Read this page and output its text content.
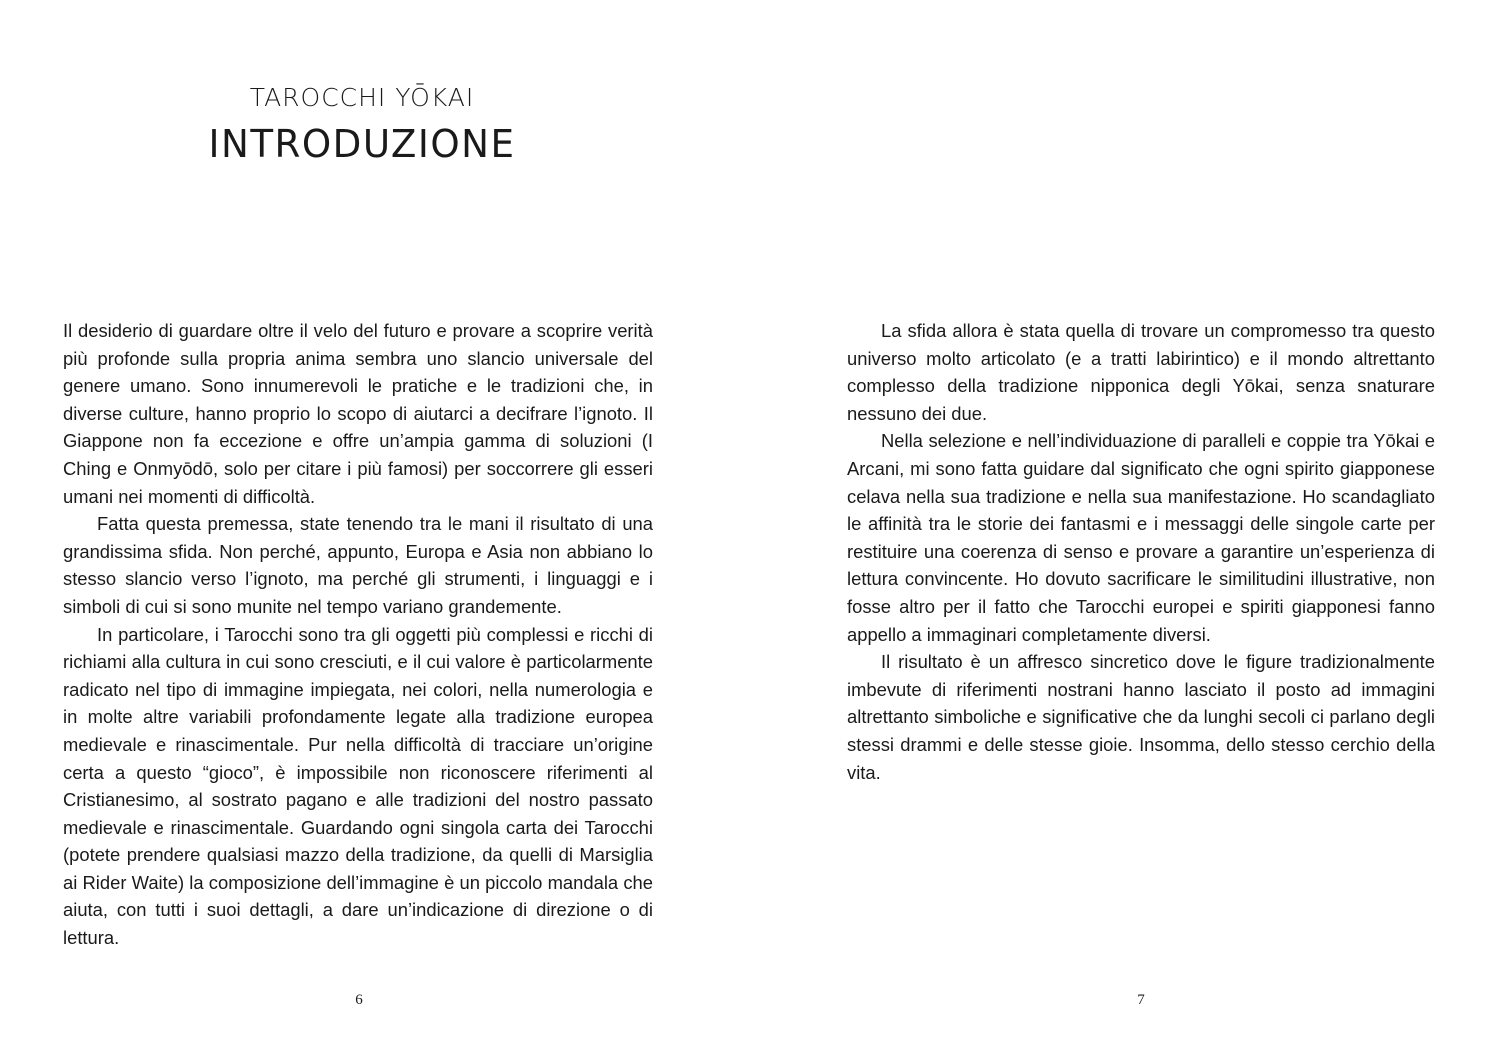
TAROCCHI YŌKAI
INTRODUZIONE

Il desiderio di guardare oltre il velo del futuro e provare a scoprire verità più profonde sulla propria anima sembra uno slancio universale del genere umano. Sono innumerevoli le pratiche e le tradizioni che, in diverse culture, hanno proprio lo scopo di aiutarci a decifrare l’ignoto. Il Giappone non fa eccezione e offre un’ampia gamma di soluzioni (I Ching e Onmyōdō, solo per citare i più famosi) per soccorrere gli esseri umani nei momenti di difficoltà.

Fatta questa premessa, state tenendo tra le mani il risultato di una grandissima sfida. Non perché, appunto, Europa e Asia non abbiano lo stesso slancio verso l’ignoto, ma perché gli strumenti, i linguaggi e i simboli di cui si sono munite nel tempo variano grandemente.

In particolare, i Tarocchi sono tra gli oggetti più complessi e ricchi di richiami alla cultura in cui sono cresciuti, e il cui valore è particolarmente radicato nel tipo di immagine impiegata, nei colori, nella numerologia e in molte altre variabili profondamente legate alla tradizione europea medievale e rinascimentale. Pur nella difficoltà di tracciare un’origine certa a questo “gioco”, è impossibile non riconoscere riferimenti al Cristianesimo, al sostrato pagano e alle tradizioni del nostro passato medievale e rinascimentale. Guardando ogni singola carta dei Tarocchi (potete prendere qualsiasi mazzo della tradizione, da quelli di Marsiglia ai Rider Waite) la composizione dell’immagine è un piccolo mandala che aiuta, con tutti i suoi dettagli, a dare un’indicazione di direzione o di lettura.

6

La sfida allora è stata quella di trovare un compromesso tra questo universo molto articolato (e a tratti labirintico) e il mondo altrettanto complesso della tradizione nipponica degli Yōkai, senza snaturare nessuno dei due.

Nella selezione e nell’individuazione di paralleli e coppie tra Yōkai e Arcani, mi sono fatta guidare dal significato che ogni spirito giapponese celava nella sua tradizione e nella sua manifestazione. Ho scandagliato le affinità tra le storie dei fantasmi e i messaggi delle singole carte per restituire una coerenza di senso e provare a garantire un’esperienza di lettura convincente. Ho dovuto sacrificare le similitudini illustrative, non fosse altro per il fatto che Tarocchi europei e spiriti giapponesi fanno appello a immaginari completamente diversi.

Il risultato è un affresco sincretico dove le figure tradizionalmente imbevute di riferimenti nostrani hanno lasciato il posto ad immagini altrettanto simboliche e significative che da lunghi secoli ci parlano degli stessi drammi e delle stesse gioie. Insomma, dello stesso cerchio della vita.

7
